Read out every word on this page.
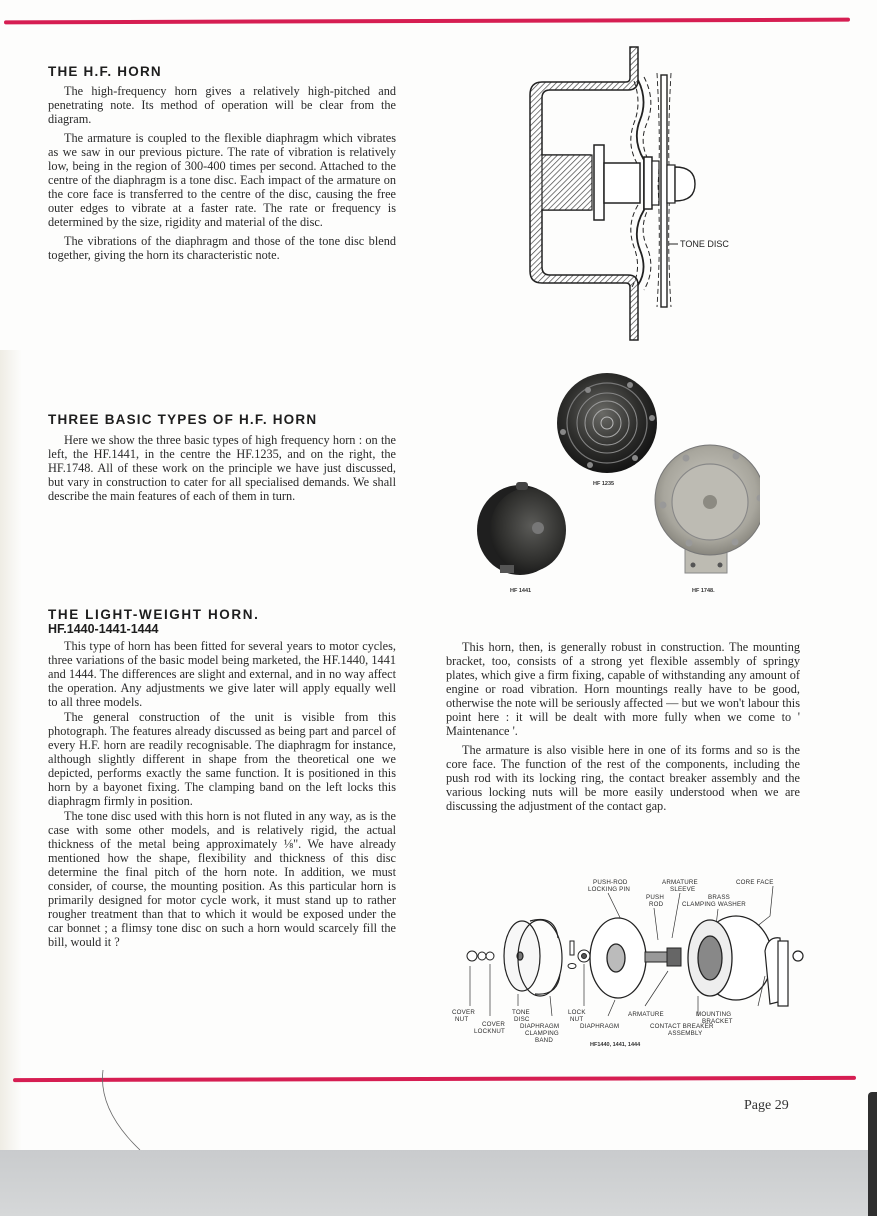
THE H.F. HORN

The high-frequency horn gives a relatively high-pitched and penetrating note. Its method of operation will be clear from the diagram.

The armature is coupled to the flexible diaphragm which vibrates as we saw in our previous picture. The rate of vibration is relatively low, being in the region of 300-400 times per second. Attached to the centre of the diaphragm is a tone disc. Each impact of the armature on the core face is transferred to the centre of the disc, causing the free outer edges to vibrate at a faster rate. The rate or frequency is determined by the size, rigidity and material of the disc.

The vibrations of the diaphragm and those of the tone disc blend together, giving the horn its characteristic note.

THREE BASIC TYPES OF H.F. HORN

Here we show the three basic types of high frequency horn : on the left, the HF.1441, in the centre the HF.1235, and on the right, the HF.1748. All of these work on the principle we have just discussed, but vary in construction to cater for all specialised demands. We shall describe the main features of each of them in turn.

THE LIGHT-WEIGHT HORN.
HF.1440-1441-1444

This type of horn has been fitted for several years to motor cycles, three variations of the basic model being marketed, the HF.1440, 1441 and 1444. The differences are slight and external, and in no way affect the operation. Any adjustments we give later will apply equally well to all three models.

The general construction of the unit is visible from this photograph. The features already discussed as being part and parcel of every H.F. horn are readily recognisable. The diaphragm for instance, although slightly different in shape from the theoretical one we depicted, performs exactly the same function. It is positioned in this horn by a bayonet fixing. The clamping band on the left locks this diaphragm firmly in position.

The tone disc used with this horn is not fluted in any way, as is the case with some other models, and is relatively rigid, the actual thickness of the metal being approximately ⅛". We have already mentioned how the shape, flexibility and thickness of this disc determine the final pitch of the horn note. In addition, we must consider, of course, the mounting position. As this particular horn is primarily designed for motor cycle work, it must stand up to rather rougher treatment than that to which it would be exposed under the car bonnet ; a flimsy tone disc on such a horn would scarcely fill the bill, would it ?

This horn, then, is generally robust in construction. The mounting bracket, too, consists of a strong yet flexible assembly of springy plates, which give a firm fixing, capable of withstanding any amount of engine or road vibration. Horn mountings really have to be good, otherwise the note will be seriously affected — but we won't labour this point here : it will be dealt with more fully when we come to ' Maintenance '.

The armature is also visible here in one of its forms and so is the core face. The function of the rest of the components, including the push rod with its locking ring, the contact breaker assembly and the various locking nuts will be more easily understood when we are discussing the adjustment of the contact gap.

TONE DISC
HF 1235
HF 1441	HF 1748.
PUSH-ROD
LOCKING PIN
PUSH
ROD
ARMATURE
SLEEVE
BRASS
CLAMPING WASHER
CORE FACE
COVER
NUT
COVER
LOCKNUT
TONE
DISC
DIAPHRAGM
CLAMPING
BAND
LOCK
NUT
DIAPHRAGM
ARMATURE
CONTACT BREAKER
ASSEMBLY
MOUNTING
BRACKET
HF1440, 1441, 1444
Page 29
